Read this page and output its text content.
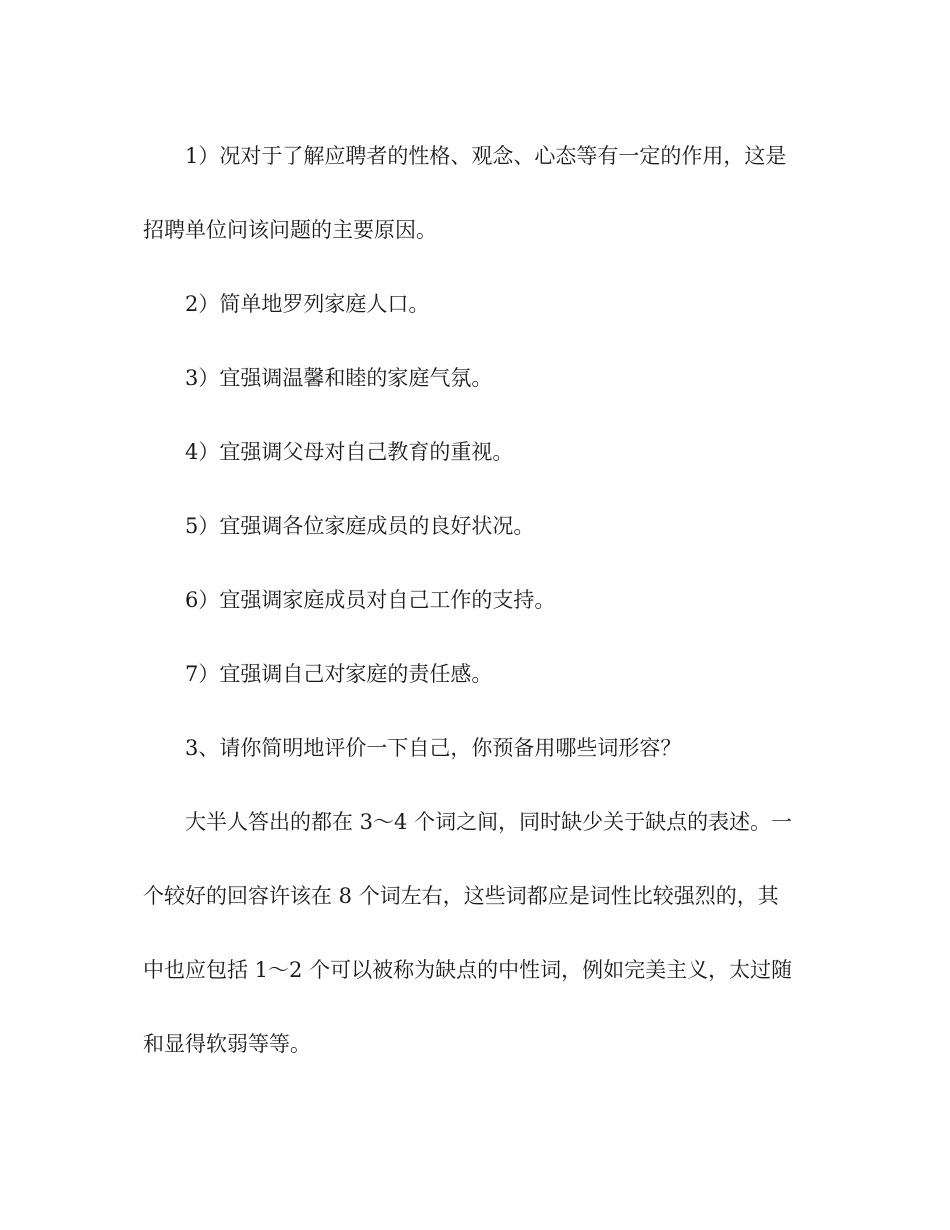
1）况对于了解应聘者的性格、观念、心态等有一定的作用，这是
招聘单位问该问题的主要原因。
2）简单地罗列家庭人口。
3）宜强调温馨和睦的家庭气氛。
4）宜强调父母对自己教育的重视。
5）宜强调各位家庭成员的良好状况。
6）宜强调家庭成员对自己工作的支持。
7）宜强调自己对家庭的责任感。
3、请你简明地评价一下自己，你预备用哪些词形容？
大半人答出的都在 3～4 个词之间，同时缺少关于缺点的表述。一
个较好的回容许该在 8 个词左右，这些词都应是词性比较强烈的，其
中也应包括 1～2 个可以被称为缺点的中性词，例如完美主义，太过随
和显得软弱等等。
